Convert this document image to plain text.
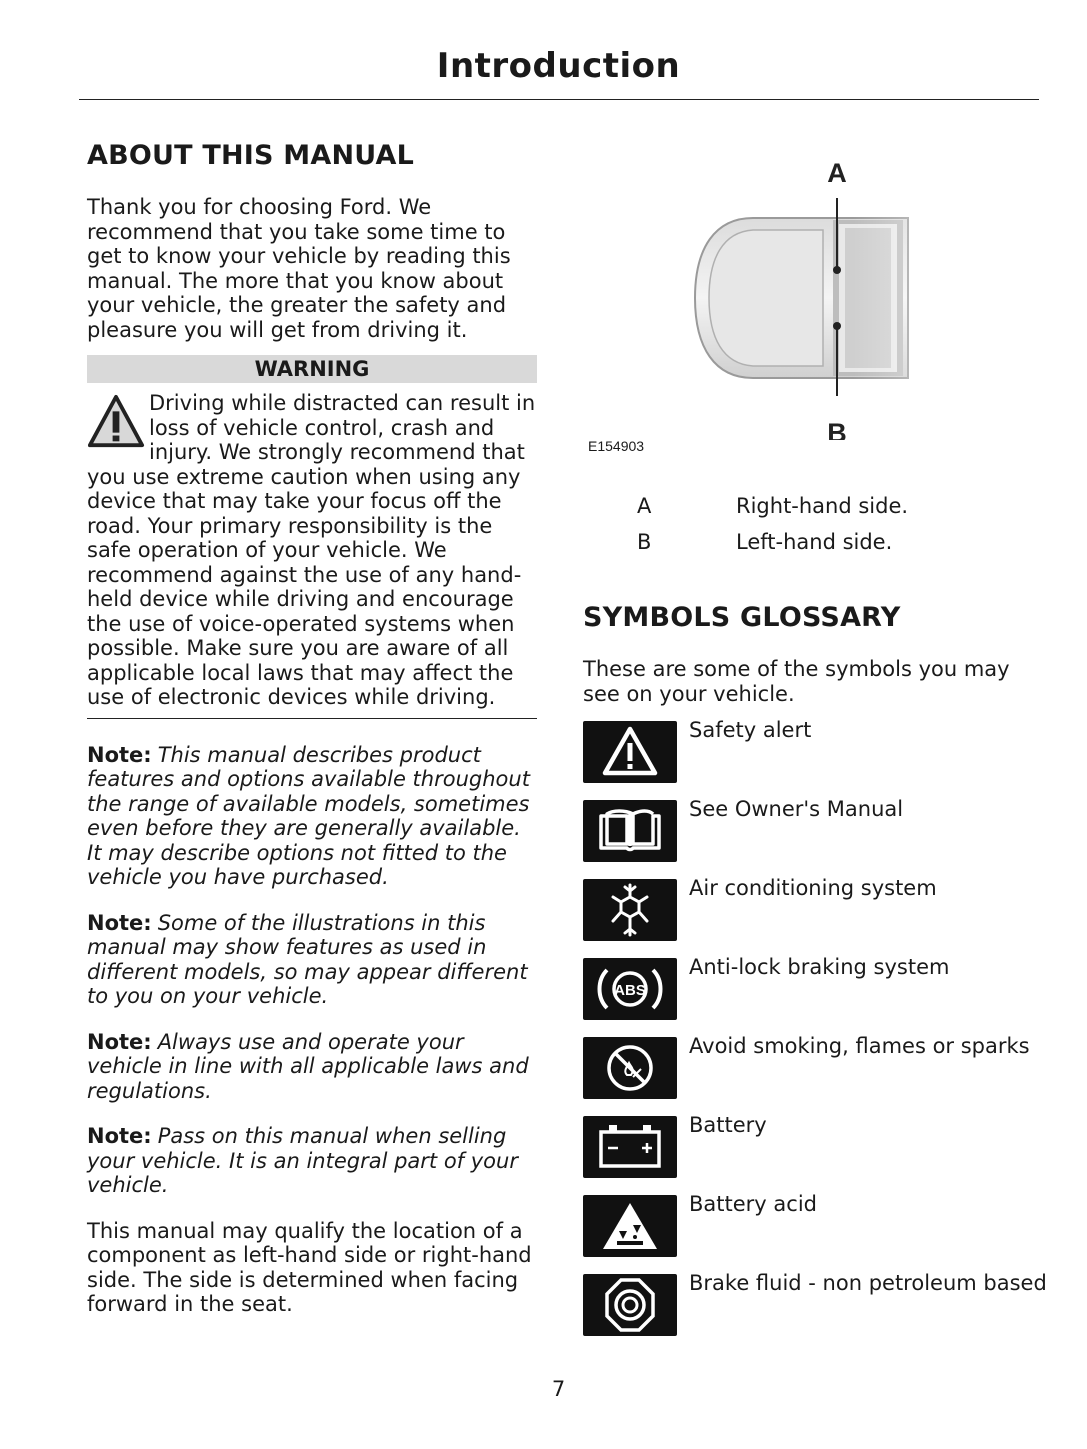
Introduction
ABOUT THIS MANUAL

Thank you for choosing Ford. We recommend that you take some time to get to know your vehicle by reading this manual. The more that you know about your vehicle, the greater the safety and pleasure you will get from driving it.

WARNING
Driving while distracted can result in loss of vehicle control, crash and injury. We strongly recommend that you use extreme caution when using any device that may take your focus off the road. Your primary responsibility is the safe operation of your vehicle. We recommend against the use of any hand-held device while driving and encourage the use of voice-operated systems when possible. Make sure you are aware of all applicable local laws that may affect the use of electronic devices while driving.

Note: This manual describes product features and options available throughout the range of available models, sometimes even before they are generally available. It may describe options not fitted to the vehicle you have purchased.

Note: Some of the illustrations in this manual may show features as used in different models, so may appear different to you on your vehicle.

Note: Always use and operate your vehicle in line with all applicable laws and regulations.

Note: Pass on this manual when selling your vehicle. It is an integral part of your vehicle.

This manual may qualify the location of a component as left-hand side or right-hand side. The side is determined when facing forward in the seat.

A
B
E154903
A	Right-hand side.
B	Left-hand side.
SYMBOLS GLOSSARY

These are some of the symbols you may see on your vehicle.

Safety alert
See Owner's Manual
Air conditioning system
ABS
Anti-lock braking system
Avoid smoking, flames or sparks
Battery
Battery acid
Brake fluid - non petroleum based
7
